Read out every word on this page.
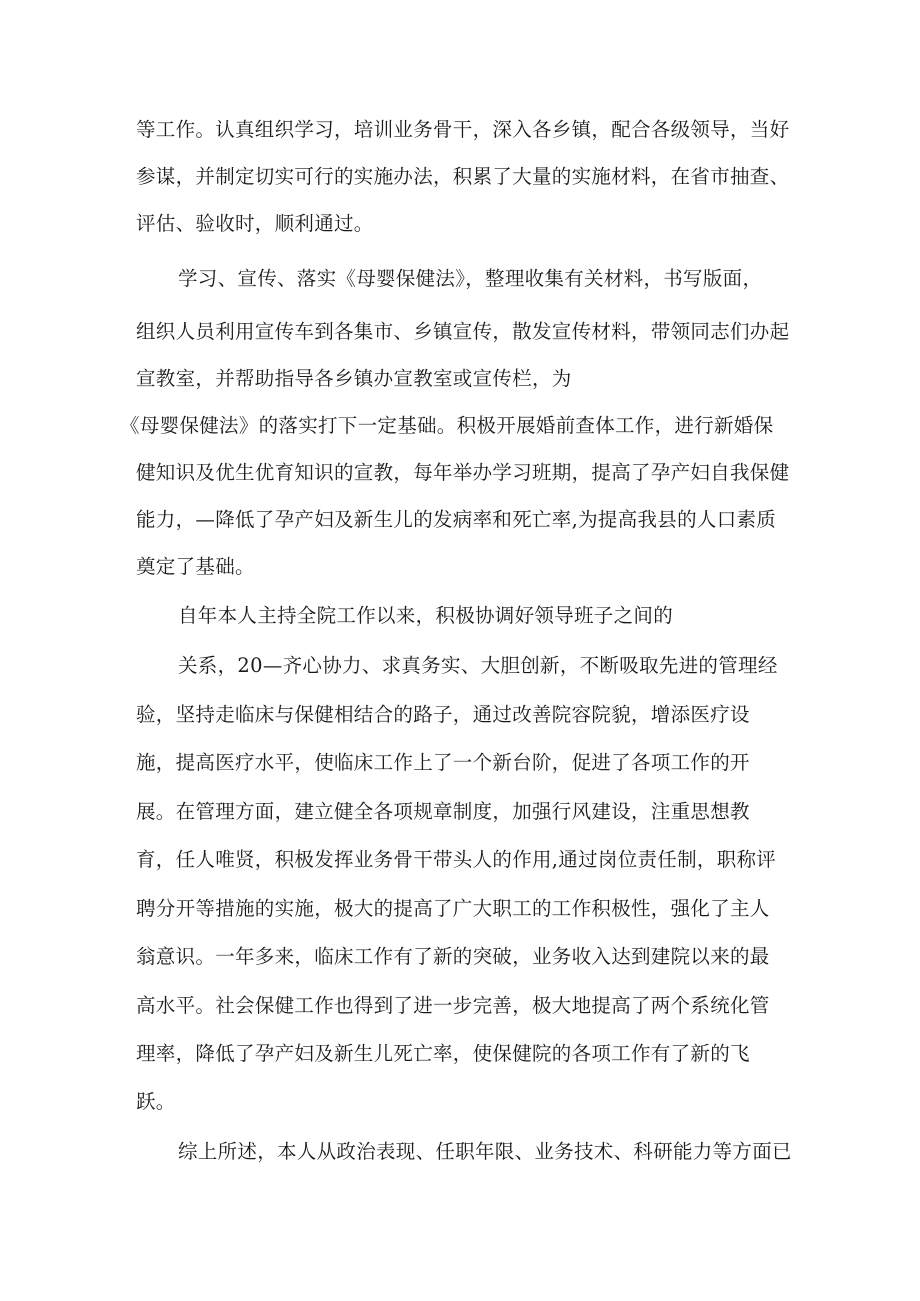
等工作。认真组织学习，培训业务骨干，深入各乡镇，配合各级领导，当好
参谋，并制定切实可行的实施办法，积累了大量的实施材料，在省市抽查、
评估、验收时，顺利通过。
学习、宣传、落实《母婴保健法》，整理收集有关材料，书写版面，
组织人员利用宣传车到各集市、乡镇宣传，散发宣传材料，带领同志们办起
宣教室，并帮助指导各乡镇办宣教室或宣传栏，为
《母婴保健法》的落实打下一定基础。积极开展婚前查体工作，进行新婚保
健知识及优生优育知识的宣教，每年举办学习班期，提高了孕产妇自我保健
能力，—降低了孕产妇及新生儿的发病率和死亡率,为提高我县的人口素质
奠定了基础。
自年本人主持全院工作以来，积极协调好领导班子之间的
关系，20—齐心协力、求真务实、大胆创新，不断吸取先进的管理经
验，坚持走临床与保健相结合的路子，通过改善院容院貌，增添医疗设
施，提高医疗水平，使临床工作上了一个新台阶，促进了各项工作的开
展。在管理方面，建立健全各项规章制度，加强行风建设，注重思想教
育，任人唯贤，积极发挥业务骨干带头人的作用,通过岗位责任制，职称评
聘分开等措施的实施，极大的提高了广大职工的工作积极性，强化了主人
翁意识。一年多来，临床工作有了新的突破，业务收入达到建院以来的最
高水平。社会保健工作也得到了进一步完善，极大地提高了两个系统化管
理率，降低了孕产妇及新生儿死亡率，使保健院的各项工作有了新的飞
跃。
综上所述，本人从政治表现、任职年限、业务技术、科研能力等方面已
